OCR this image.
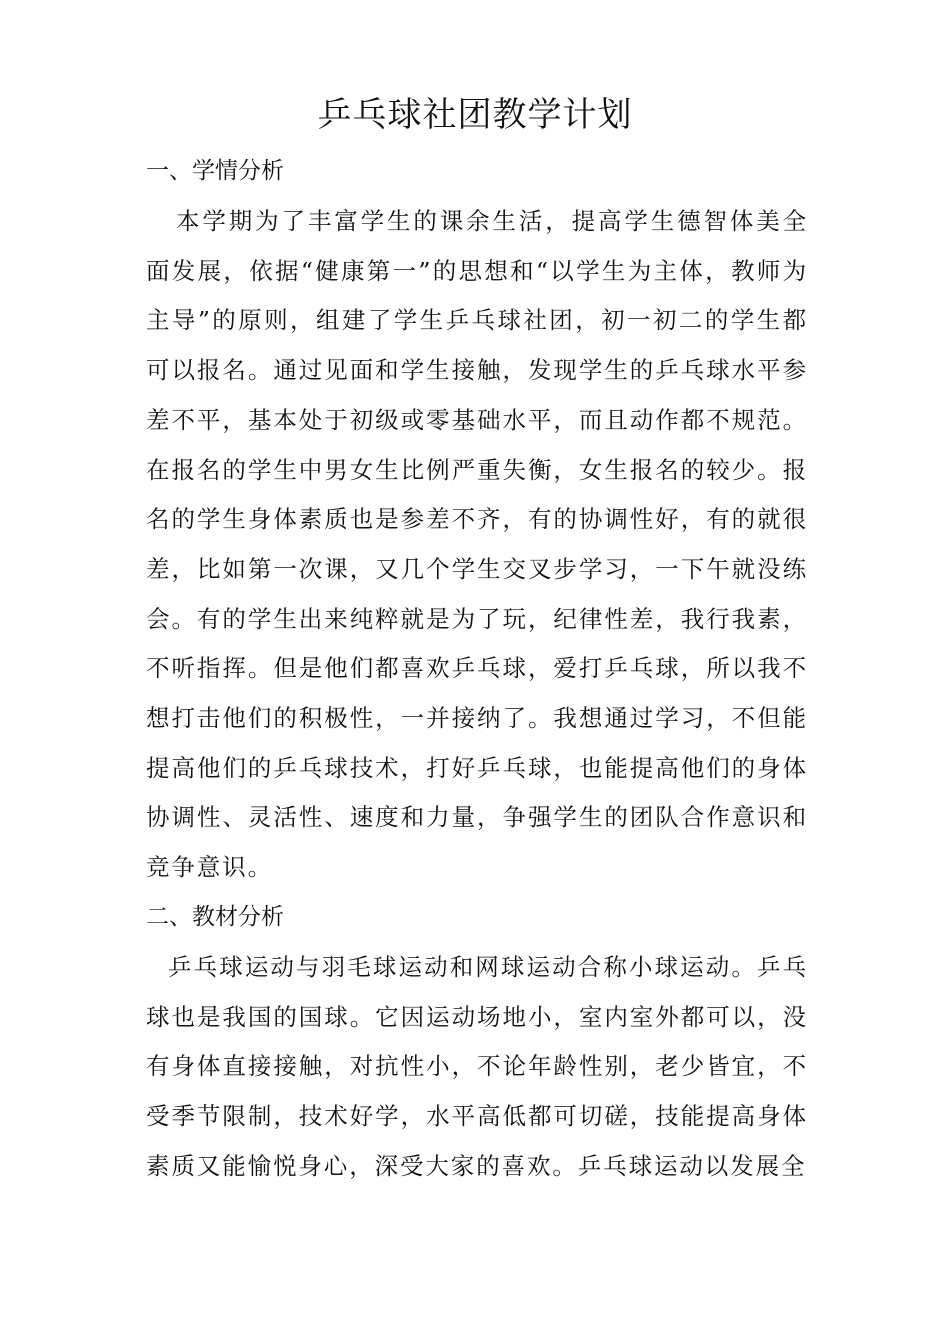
乒乓球社团教学计划
一、学情分析

本学期为了丰富学生的课余生活，提高学生德智体美全面发展，依据“健康第一”的思想和“以学生为主体，教师为主导”的原则，组建了学生乒乓球社团，初一初二的学生都可以报名。通过见面和学生接触，发现学生的乒乓球水平参差不平，基本处于初级或零基础水平，而且动作都不规范。在报名的学生中男女生比例严重失衡，女生报名的较少。报名的学生身体素质也是参差不齐，有的协调性好，有的就很差，比如第一次课，又几个学生交叉步学习，一下午就没练会。有的学生出来纯粹就是为了玩，纪律性差，我行我素，不听指挥。但是他们都喜欢乒乓球，爱打乒乓球，所以我不想打击他们的积极性，一并接纳了。我想通过学习，不但能提高他们的乒乓球技术，打好乒乓球，也能提高他们的身体协调性、灵活性、速度和力量，争强学生的团队合作意识和竞争意识。

二、教材分析

乒乓球运动与羽毛球运动和网球运动合称小球运动。乒乓球也是我国的国球。它因运动场地小，室内室外都可以，没有身体直接接触，对抗性小，不论年龄性别，老少皆宜，不受季节限制，技术好学，水平高低都可切磋，技能提高身体素质又能愉悦身心，深受大家的喜欢。乒乓球运动以发展全
